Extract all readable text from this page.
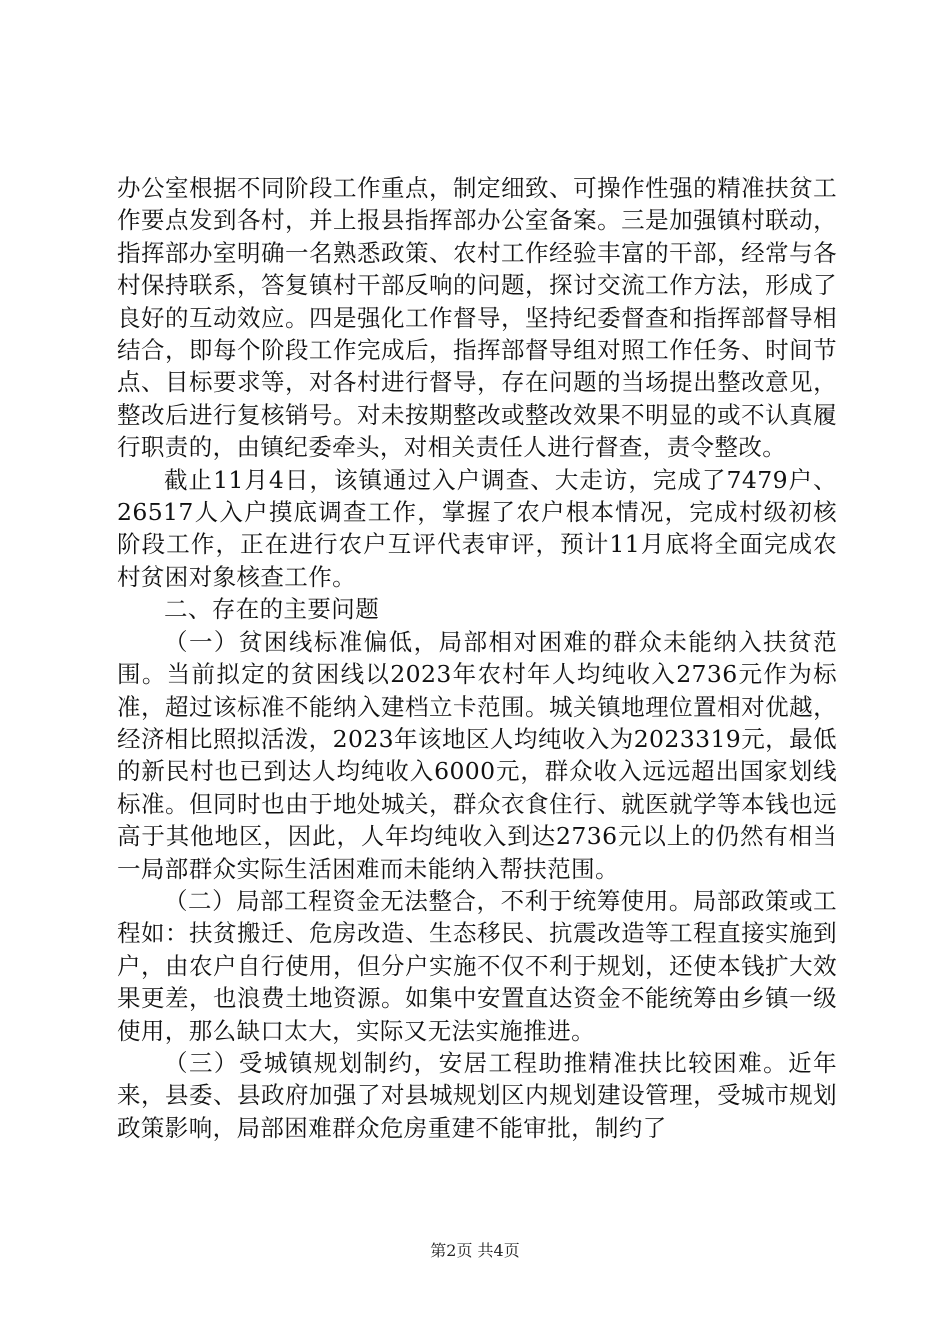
办公室根据不同阶段工作重点，制定细致、可操作性强的精准扶贫工作要点发到各村，并上报县指挥部办公室备案。三是加强镇村联动，指挥部办室明确一名熟悉政策、农村工作经验丰富的干部，经常与各村保持联系，答复镇村干部反响的问题，探讨交流工作方法，形成了良好的互动效应。四是强化工作督导，坚持纪委督查和指挥部督导相结合，即每个阶段工作完成后，指挥部督导组对照工作任务、时间节点、目标要求等，对各村进行督导，存在问题的当场提出整改意见，整改后进行复核销号。对未按期整改或整改效果不明显的或不认真履行职责的，由镇纪委牵头，对相关责任人进行督查，责令整改。

截止11月4日，该镇通过入户调查、大走访，完成了7479户、26517人入户摸底调查工作，掌握了农户根本情况，完成村级初核阶段工作，正在进行农户互评代表审评，预计11月底将全面完成农村贫困对象核查工作。

二、存在的主要问题

（一）贫困线标准偏低，局部相对困难的群众未能纳入扶贫范围。当前拟定的贫困线以2023年农村年人均纯收入2736元作为标准，超过该标准不能纳入建档立卡范围。城关镇地理位置相对优越，经济相比照拟活泼，2023年该地区人均纯收入为2023319元，最低的新民村也已到达人均纯收入6000元，群众收入远远超出国家划线标准。但同时也由于地处城关，群众衣食住行、就医就学等本钱也远高于其他地区，因此，人年均纯收入到达2736元以上的仍然有相当一局部群众实际生活困难而未能纳入帮扶范围。

（二）局部工程资金无法整合，不利于统筹使用。局部政策或工程如：扶贫搬迁、危房改造、生态移民、抗震改造等工程直接实施到户，由农户自行使用，但分户实施不仅不利于规划，还使本钱扩大效果更差，也浪费土地资源。如集中安置直达资金不能统筹由乡镇一级使用，那么缺口太大，实际又无法实施推进。

（三）受城镇规划制约，安居工程助推精准扶比较困难。近年来，县委、县政府加强了对县城规划区内规划建设管理，受城市规划政策影响，局部困难群众危房重建不能审批，制约了

第2页 共4页
